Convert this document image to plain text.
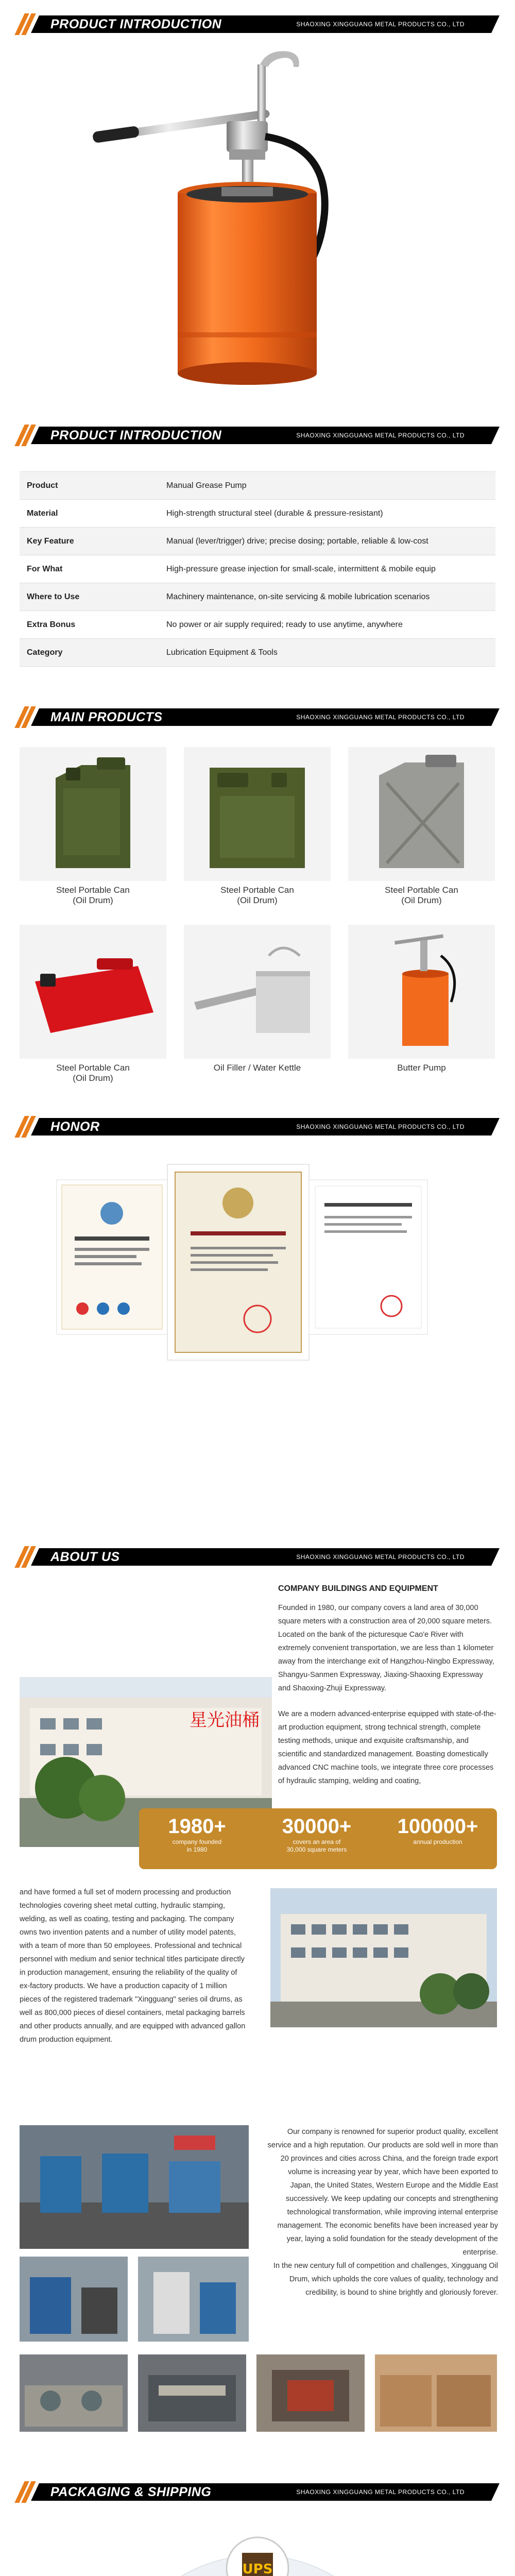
PRODUCT INTRODUCTION	SHAOXING XINGGUANG METAL PRODUCTS CO., LTD
PRODUCT INTRODUCTION	SHAOXING XINGGUANG METAL PRODUCTS CO., LTD
Product	Manual Grease Pump
Material	High-strength structural steel (durable & pressure-resistant)
Key Feature	Manual (lever/trigger) drive; precise dosing; portable, reliable & low-cost
For What	High-pressure grease injection for small-scale, intermittent & mobile equip
Where to Use	Machinery maintenance, on-site servicing & mobile lubrication scenarios
Extra Bonus	No power or air supply required; ready to use anytime, anywhere
Category	Lubrication Equipment & Tools
MAIN PRODUCTS	SHAOXING XINGGUANG METAL PRODUCTS CO., LTD
Steel Portable Can
(Oil Drum)
Steel Portable Can
(Oil Drum)
Steel Portable Can
(Oil Drum)
Steel Portable Can
(Oil Drum)
Oil Filler / Water Kettle	Butter Pump
HONOR	SHAOXING XINGGUANG METAL PRODUCTS CO., LTD
ABOUT US	SHAOXING XINGGUANG METAL PRODUCTS CO., LTD
COMPANY BUILDINGS AND EQUIPMENT
星光油桶
Founded in 1980, our company covers a land area of 30,000 square meters with a construction area of 20,000 square meters. Located on the bank of the picturesque Cao'e River with extremely convenient transportation, we are less than 1 kilometer away from the interchange exit of Hangzhou-Ningbo Expressway, Shangyu-Sanmen Expressway, Jiaxing-Shaoxing Expressway and Shaoxing-Zhuji Expressway.
We are a modern advanced-enterprise equipped with state-of-the-art production equipment, strong technical strength, complete testing methods, unique and exquisite craftsmanship, and scientific and standardized management. Boasting domestically advanced CNC machine tools, we integrate three core processes of hydraulic stamping, welding and coating,
1980+
company founded
in 1980
30000+
covers an area of
30,000 square meters
100000+
annual production
and have formed a full set of modern processing and production technologies covering sheet metal cutting, hydraulic stamping, welding, as well as coating, testing and packaging. The company owns two invention patents and a number of utility model patents, with a team of more than 50 employees. Professional and technical personnel with medium and senior technical titles participate directly in production management, ensuring the reliability of the quality of ex-factory products. We have a production capacity of 1 million pieces of the registered trademark "Xingguang" series oil drums, as well as 800,000 pieces of diesel containers, metal packaging barrels and other products annually, and are equipped with advanced gallon drum production equipment.
Our company is renowned for superior product quality, excellent service and a high reputation. Our products are sold well in more than 20 provinces and cities across China, and the foreign trade export volume is increasing year by year, which have been exported to Japan, the United States, Western Europe and the Middle East successively. We keep updating our concepts and strengthening technological transformation, while improving internal enterprise management. The economic benefits have been increased year by year, laying a solid foundation for the steady development of the enterprise.
In the new century full of competition and challenges, Xingguang Oil Drum, which upholds the core values of quality, technology and credibility, is bound to shine brightly and gloriously forever.
PACKAGING & SHIPPING	SHAOXING XINGGUANG METAL PRODUCTS CO., LTD
UPS
